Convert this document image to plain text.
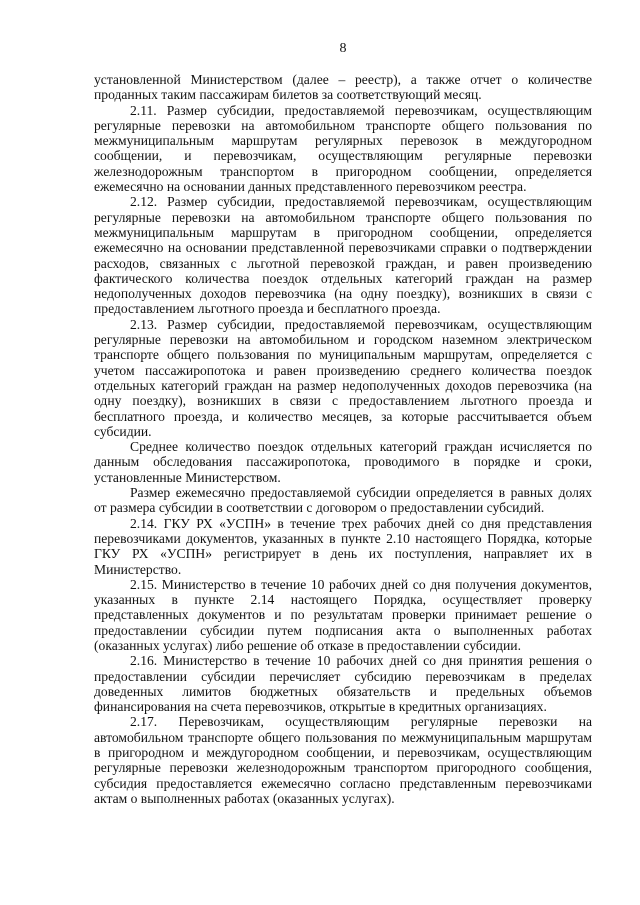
8

установленной Министерством (далее – реестр), а также отчет о количестве проданных таким пассажирам билетов за соответствующий месяц.

2.11. Размер субсидии, предоставляемой перевозчикам, осуществляющим регулярные перевозки на автомобильном транспорте общего пользования по межмуниципальным маршрутам регулярных перевозок в междугородном сообщении, и перевозчикам, осуществляющим регулярные перевозки железнодорожным транспортом в пригородном сообщении, определяется ежемесячно на основании данных представленного перевозчиком реестра.

2.12. Размер субсидии, предоставляемой перевозчикам, осуществляющим регулярные перевозки на автомобильном транспорте общего пользования по межмуниципальным маршрутам в пригородном сообщении, определяется ежемесячно на основании представленной перевозчиками справки о подтверждении расходов, связанных с льготной перевозкой граждан, и равен произведению фактического количества поездок отдельных категорий граждан на размер недополученных доходов перевозчика (на одну поездку), возникших в связи с предоставлением льготного проезда и бесплатного проезда.

2.13. Размер субсидии, предоставляемой перевозчикам, осуществляющим регулярные перевозки на автомобильном и городском наземном электрическом транспорте общего пользования по муниципальным маршрутам, определяется с учетом пассажиропотока и равен произведению среднего количества поездок отдельных категорий граждан на размер недополученных доходов перевозчика (на одну поездку), возникших в связи с предоставлением льготного проезда и бесплатного проезда, и количество месяцев, за которые рассчитывается объем субсидии.

Среднее количество поездок отдельных категорий граждан исчисляется по данным обследования пассажиропотока, проводимого в порядке и сроки, установленные Министерством.

Размер ежемесячно предоставляемой субсидии определяется в равных долях от размера субсидии в соответствии с договором о предоставлении субсидий.

2.14. ГКУ РХ «УСПН» в течение трех рабочих дней со дня представления перевозчиками документов, указанных в пункте 2.10 настоящего Порядка, которые ГКУ РХ «УСПН» регистрирует в день их поступления, направляет их в Министерство.

2.15. Министерство в течение 10 рабочих дней со дня получения документов, указанных в пункте 2.14 настоящего Порядка, осуществляет проверку представленных документов и по результатам проверки принимает решение о предоставлении субсидии путем подписания акта о выполненных работах (оказанных услугах) либо решение об отказе в предоставлении субсидии.

2.16. Министерство в течение 10 рабочих дней со дня принятия решения о предоставлении субсидии перечисляет субсидию перевозчикам в пределах доведенных лимитов бюджетных обязательств и предельных объемов финансирования на счета перевозчиков, открытые в кредитных организациях.

2.17. Перевозчикам, осуществляющим регулярные перевозки на автомобильном транспорте общего пользования по межмуниципальным маршрутам в пригородном и междугородном сообщении, и перевозчикам, осуществляющим регулярные перевозки железнодорожным транспортом пригородного сообщения, субсидия предоставляется ежемесячно согласно представленным перевозчиками актам о выполненных работах (оказанных услугах).
